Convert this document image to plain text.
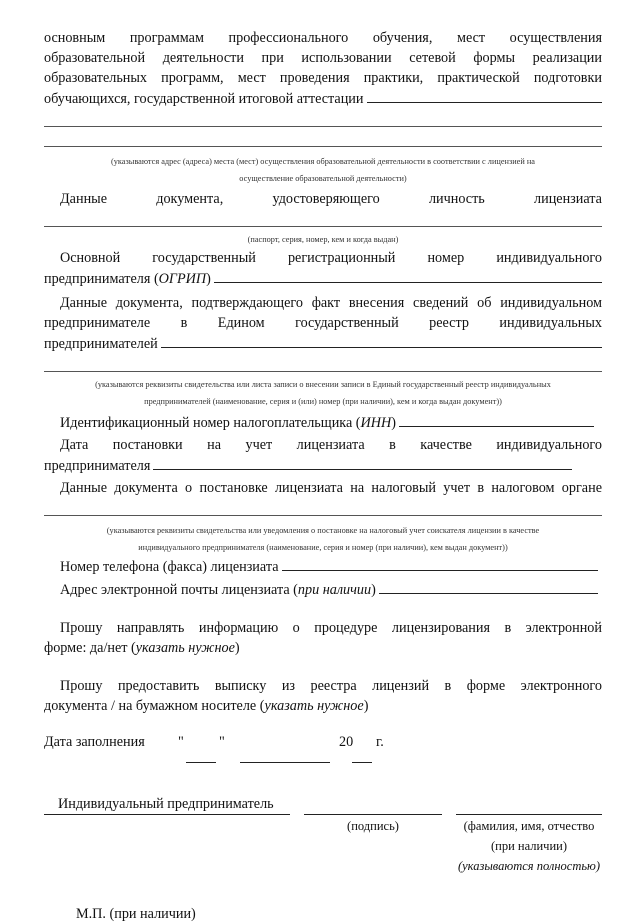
основным программам профессионального обучения, мест осуществления

образовательной деятельности при использовании сетевой формы реализации

образовательных программ, мест проведения практики, практической подготовки

обучающихся, государственной итоговой аттестации

(указываются адрес (адреса) места (мест) осуществления образовательной деятельности в соответствии с лицензией на

осуществление образовательной деятельности)

Данные	документа,	удостоверяющего	личность	лицензиата

(паспорт, серия, номер, кем и когда выдан)

Основной государственный регистрационный номер индивидуального
предпринимателя (ОГРИП)

Данные документа, подтверждающего факт внесения сведений об индивидуальном

предпринимателе в Едином государственный реестр индивидуальных
предпринимателей

(указываются реквизиты свидетельства или листа записи о внесении записи в Единый государственный реестр индивидуальных

предпринимателей (наименование, серия и (или) номер (при наличии), кем и когда выдан документ))

Идентификационный номер налогоплательщика (ИНН)
Дата постановки на учет лицензиата в качестве индивидуального
предпринимателя

Данные документа о постановке лицензиата на налоговый учет в налоговом органе

(указываются реквизиты свидетельства или уведомления о постановке на налоговый учет соискателя лицензии в качестве

индивидуального предпринимателя (наименование, серия и номер (при наличии), кем выдан документ))

Номер телефона (факса) лицензиата
Адрес электронной почты лицензиата (при наличии)

Прошу направлять информацию о процедуре лицензирования в электронной

форме: да/нет (указать нужное)

Прошу предоставить выписку из реестра лицензий в форме электронного

документа / на бумажном носителе (указать нужное)

Дата заполнения " "	20 г.
Индивидуальный предприниматель
(подпись)	(фамилия, имя, отчество
(при наличии)
(указываются полностью)

М.П. (при наличии)
